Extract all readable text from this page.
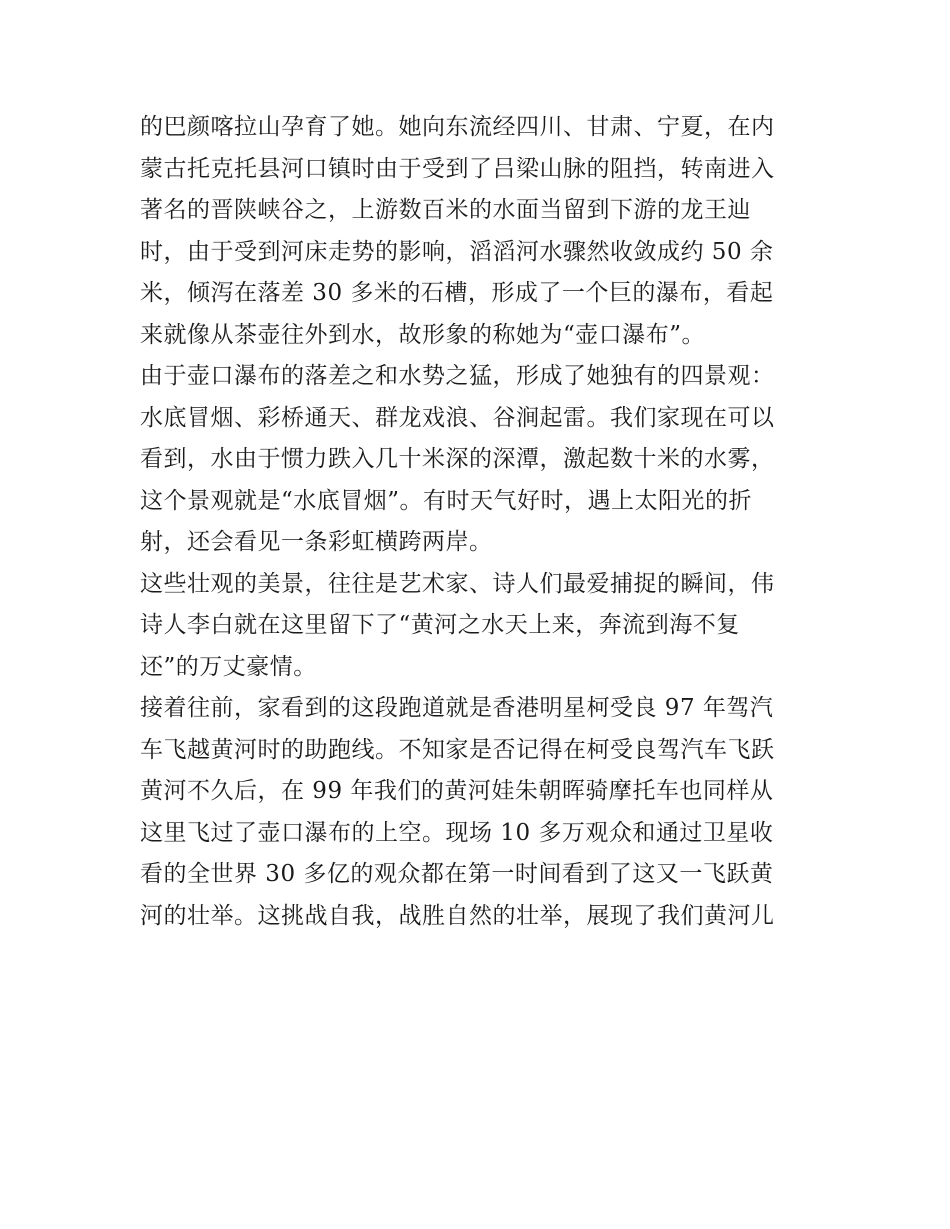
的巴颜喀拉山孕育了她。她向东流经四川、甘肃、宁夏，在内
蒙古托克托县河口镇时由于受到了吕梁山脉的阻挡，转南进入
著名的晋陕峡谷之，上游数百米的水面当留到下游的龙王辿
时，由于受到河床走势的影响，滔滔河水骤然收敛成约 50 余
米，倾泻在落差 30 多米的石槽，形成了一个巨的瀑布，看起
来就像从茶壶往外到水，故形象的称她为“壶口瀑布”。
由于壶口瀑布的落差之和水势之猛，形成了她独有的四景观：
水底冒烟、彩桥通天、群龙戏浪、谷涧起雷。我们家现在可以
看到，水由于惯力跌入几十米深的深潭，激起数十米的水雾，
这个景观就是“水底冒烟”。有时天气好时，遇上太阳光的折
射，还会看见一条彩虹横跨两岸。
这些壮观的美景，往往是艺术家、诗人们最爱捕捉的瞬间，伟
诗人李白就在这里留下了“黄河之水天上来，奔流到海不复
还”的万丈豪情。
接着往前，家看到的这段跑道就是香港明星柯受良 97 年驾汽
车飞越黄河时的助跑线。不知家是否记得在柯受良驾汽车飞跃
黄河不久后，在 99 年我们的黄河娃朱朝晖骑摩托车也同样从
这里飞过了壶口瀑布的上空。现场 10 多万观众和通过卫星收
看的全世界 30 多亿的观众都在第一时间看到了这又一飞跃黄
河的壮举。这挑战自我，战胜自然的壮举，展现了我们黄河儿
